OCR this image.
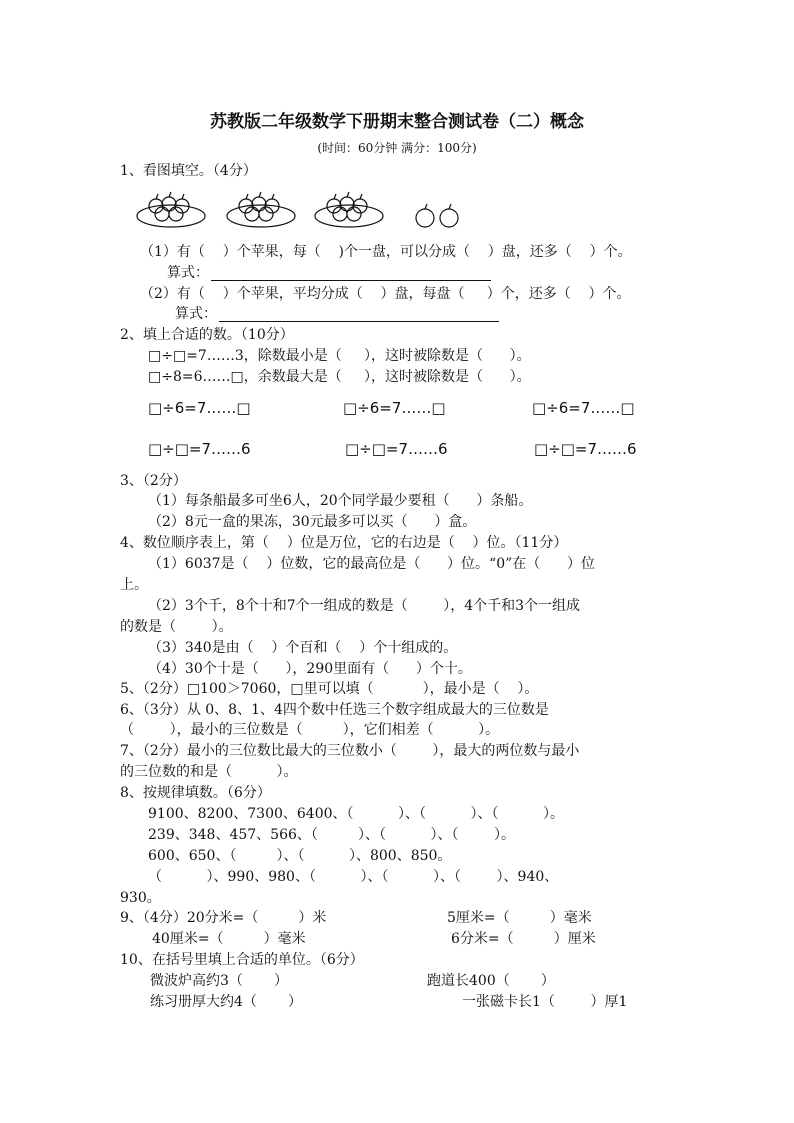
苏教版二年级数学下册期末整合测试卷（二）概念
(时间：60分钟 满分：100分)
1、看图填空。（4分）
（1）有（    ）个苹果，每（    )个一盘，可以分成（    ）盘，还多（    ）个。
算式：
（2）有（    ）个苹果，平均分成（    ）盘，每盘（     ）个，还多（    ）个。
算式：
2、填上合适的数。（10分）
□÷□=7……3，除数最小是（     ），这时被除数是（      ）。
□÷8=6……□，余数最大是（     ），这时被除数是（      ）。
□÷6=7……□	□÷6=7……□	□÷6=7……□
□÷□=7……6	□÷□=7……6	□÷□=7……6
3、（2分）
（1）每条船最多可坐6人，20个同学最少要租（      ）条船。
（2）8元一盒的果冻，30元最多可以买（      ）盒。
4、数位顺序表上，第（    ）位是万位，它的右边是（    ）位。（11分）
（1）6037是（    ）位数，它的最高位是（      ）位。“0”在（      ）位
上。
（2）3个千，8个十和7个一组成的数是（        ），4个千和3个一组成
的数是（        ）。
（3）340是由（    ）个百和（    ）个十组成的。
（4）30个十是（      ），290里面有（      ）个十。
5、（2分）□100＞7060，□里可以填（           ），最小是（    ）。
6、（3分）从 0、8、1、4四个数中任选三个数字组成最大的三位数是
（        ），最小的三位数是（         ），它们相差（          ）。
7、（2分）最小的三位数比最大的三位数小（        ），最大的两位数与最小
的三位数的和是（          ）。
8、按规律填数。（6分）
9100、8200、7300、6400、（          ）、（          ）、（          ）。
239、348、457、566、（         ）、（          ）、（        ）。
600、650、（         ）、（          ）、800、850。
（          ）、990、980、（          ）、（          ）、（        ）、940、
930。
9、（4分）20分米=（         ）米	5厘米=（         ）毫米
40厘米=（         ）毫米	6分米=（         ）厘米
10、在括号里填上合适的单位。（6分）
微波炉高约3（       ）	跑道长400（       ）
练习册厚大约4（       ）	一张磁卡长1（        ）厚1
